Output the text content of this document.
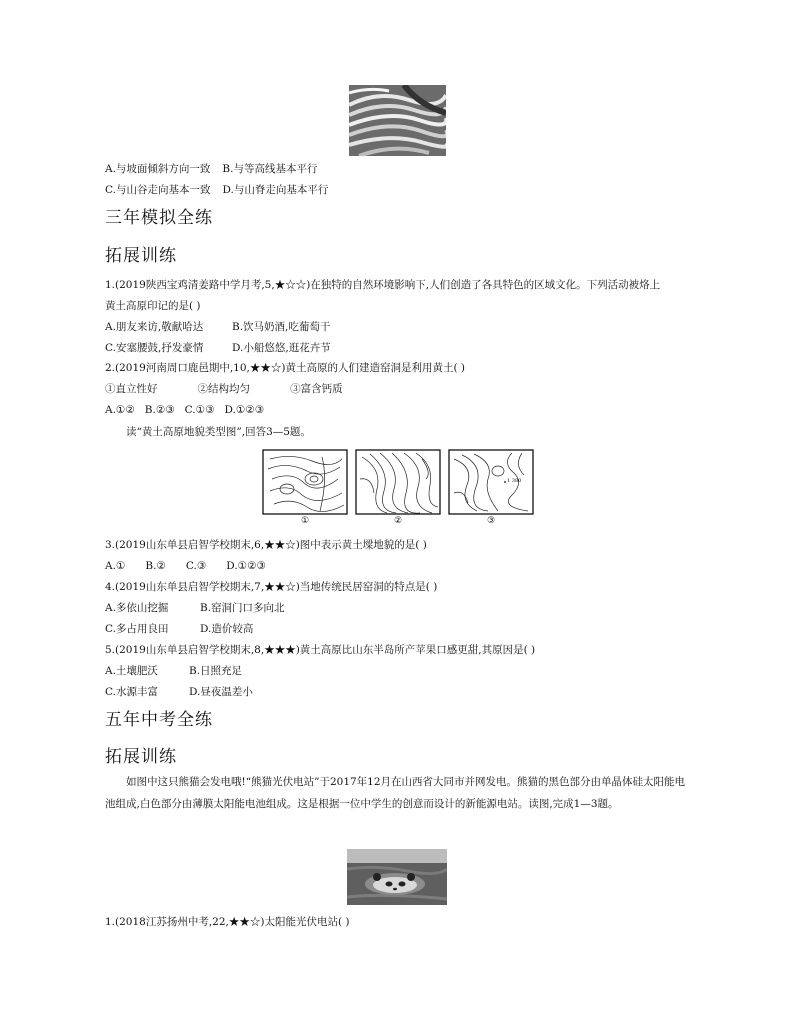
A.与坡面倾斜方向一致 B.与等高线基本平行
C.与山谷走向基本一致 D.与山脊走向基本平行
三年模拟全练
拓展训练
1.(2019陕西宝鸡清姜路中学月考,5,★☆☆)在独特的自然环境影响下,人们创造了各具特色的区域文化。下列活动被烙上
黄土高原印记的是( )
A.朋友来访,敬献哈达	B.饮马奶酒,吃葡萄干
C.安塞腰鼓,抒发豪情	D.小船悠悠,逛花卉节
2.(2019河南周口鹿邑期中,10,★★☆)黄土高原的人们建造窑洞是利用黄土( )
①直立性好            ②结构均匀            ③富含钙质
A.①②   B.②③   C.①③   D.①②③
读“黄土高原地貌类型图”,回答3—5题。
①	②	③
1 380
3.(2019山东单县启智学校期末,6,★★☆)图中表示黄土墚地貌的是( )
A.①      B.②      C.③      D.①②③
4.(2019山东单县启智学校期末,7,★★☆)当地传统民居窑洞的特点是( )
A.多依山挖掘	B.窑洞门口多向北
C.多占用良田	D.造价较高
5.(2019山东单县启智学校期末,8,★★★)黄土高原比山东半岛所产苹果口感更甜,其原因是( )
A.土壤肥沃	B.日照充足
C.水源丰富	D.昼夜温差小
五年中考全练
拓展训练
如图中这只熊猫会发电哦!“熊猫光伏电站”于2017年12月在山西省大同市并网发电。熊猫的黑色部分由单晶体硅太阳能电池组成,白色部分由薄膜太阳能电池组成。这是根据一位中学生的创意而设计的新能源电站。读图,完成1—3题。
1.(2018江苏扬州中考,22,★★☆)太阳能光伏电站( )
